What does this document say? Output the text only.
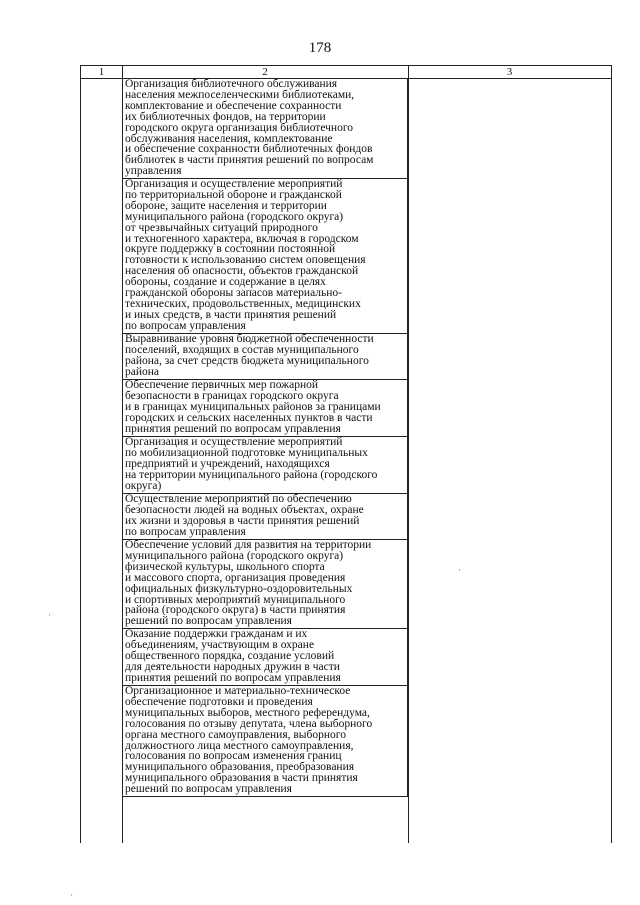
178
1	2	3
Организация библиотечного обслуживания
населения межпоселенческими библиотеками,
комплектование и обеспечение сохранности
их библиотечных фондов, на территории
городского округа организация библиотечного
обслуживания населения, комплектование
и обеспечение сохранности библиотечных фондов
библиотек в части принятия решений по вопросам
управления
Организация и осуществление мероприятий
по территориальной обороне и гражданской
обороне, защите населения и территории
муниципального района (городского округа)
от чрезвычайных ситуаций природного
и техногенного характера, включая в городском
округе поддержку в состоянии постоянной
готовности к использованию систем оповещения
населения об опасности, объектов гражданской
обороны, создание и содержание в целях
гражданской обороны запасов материально-
технических, продовольственных, медицинских
и иных средств, в части принятия решений
по вопросам управления
Выравнивание уровня бюджетной обеспеченности
поселений, входящих в состав муниципального
района, за счет средств бюджета муниципального
района
Обеспечение первичных мер пожарной
безопасности в границах городского округа
и в границах муниципальных районов за границами
городских и сельских населенных пунктов в части
принятия решений по вопросам управления
Организация и осуществление мероприятий
по мобилизационной подготовке муниципальных
предприятий и учреждений, находящихся
на территории муниципального района (городского
округа)
Осуществление мероприятий по обеспечению
безопасности людей на водных объектах, охране
их жизни и здоровья в части принятия решений
по вопросам управления
Обеспечение условий для развития на территории
муниципального района (городского округа)
физической культуры, школьного спорта
и массового спорта, организация проведения
официальных физкультурно-оздоровительных
и спортивных мероприятий муниципального
района (городского округа) в части принятия
решений по вопросам управления
Оказание поддержки гражданам и их
объединениям, участвующим в охране
общественного порядка, создание условий
для деятельности народных дружин в части
принятия решений по вопросам управления
Организационное и материально-техническое
обеспечение подготовки и проведения
муниципальных выборов, местного референдума,
голосования по отзыву депутата, члена выборного
органа местного самоуправления, выборного
должностного лица местного самоуправления,
голосования по вопросам изменения границ
муниципального образования, преобразования
муниципального образования в части принятия
решений по вопросам управления
·
·
·
